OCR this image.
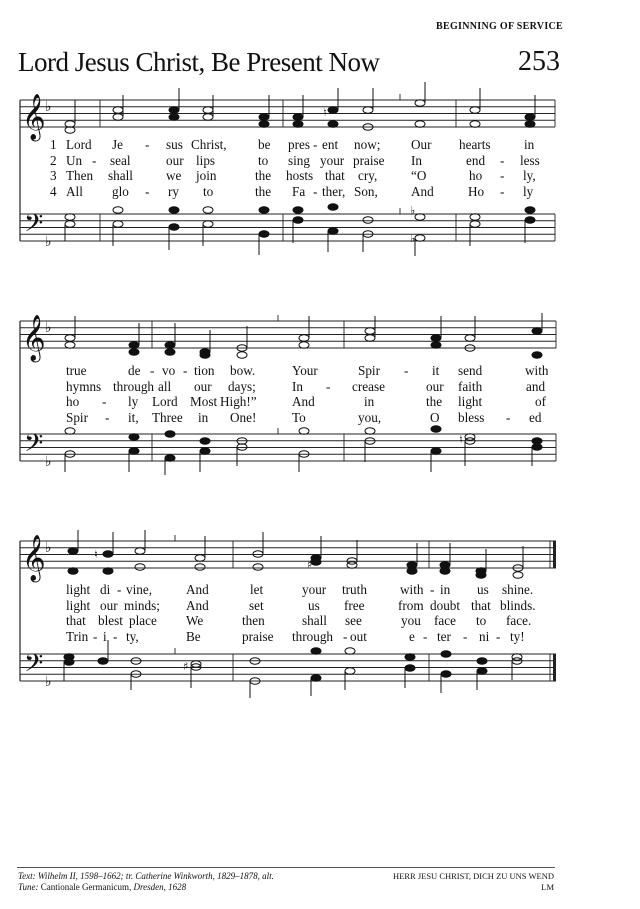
BEGINNING OF SERVICE
Lord Jesus Christ, Be Present Now	253
𝄞
𝄢
♭
♭
𝄞
𝄢
♭
♭
𝄞
𝄢
♭
♭
♮
♭
♭
♮
♮
♯
♯
1 Lord Je - sus Christ, be pres - ent now; Our hearts	in
2 Un - seal	our lips	to sing your praise In	end - less
3 Then shall	we join	the hosts that cry,	“O	ho - ly,
4 All glo - ry to	the Fa - ther, Son,	And	Ho - ly
true	de - vo - tion bow.	Your	Spir - it send	with
hymns through all our days;	In - crease	our faith	and
ho - ly Lord Most High!”	And	in	the light	of
Spir - it, Three in One!	To	you,	O bless - ed
light di - vine,	And	let	your truth	with - in us shine.
light our minds; And	set	us free	from doubt that blinds.
that blest place We	then	shall see	you face to face.
Trin - i - ty,	Be	praise through - out	e - ter - ni - ty!
Text: Wilhelm II, 1598–1662; tr. Catherine Winkworth, 1829–1878, alt.
Tune: Cantionale Germanicum, Dresden, 1628
HERR JESU CHRIST, DICH ZU UNS WEND
LM
